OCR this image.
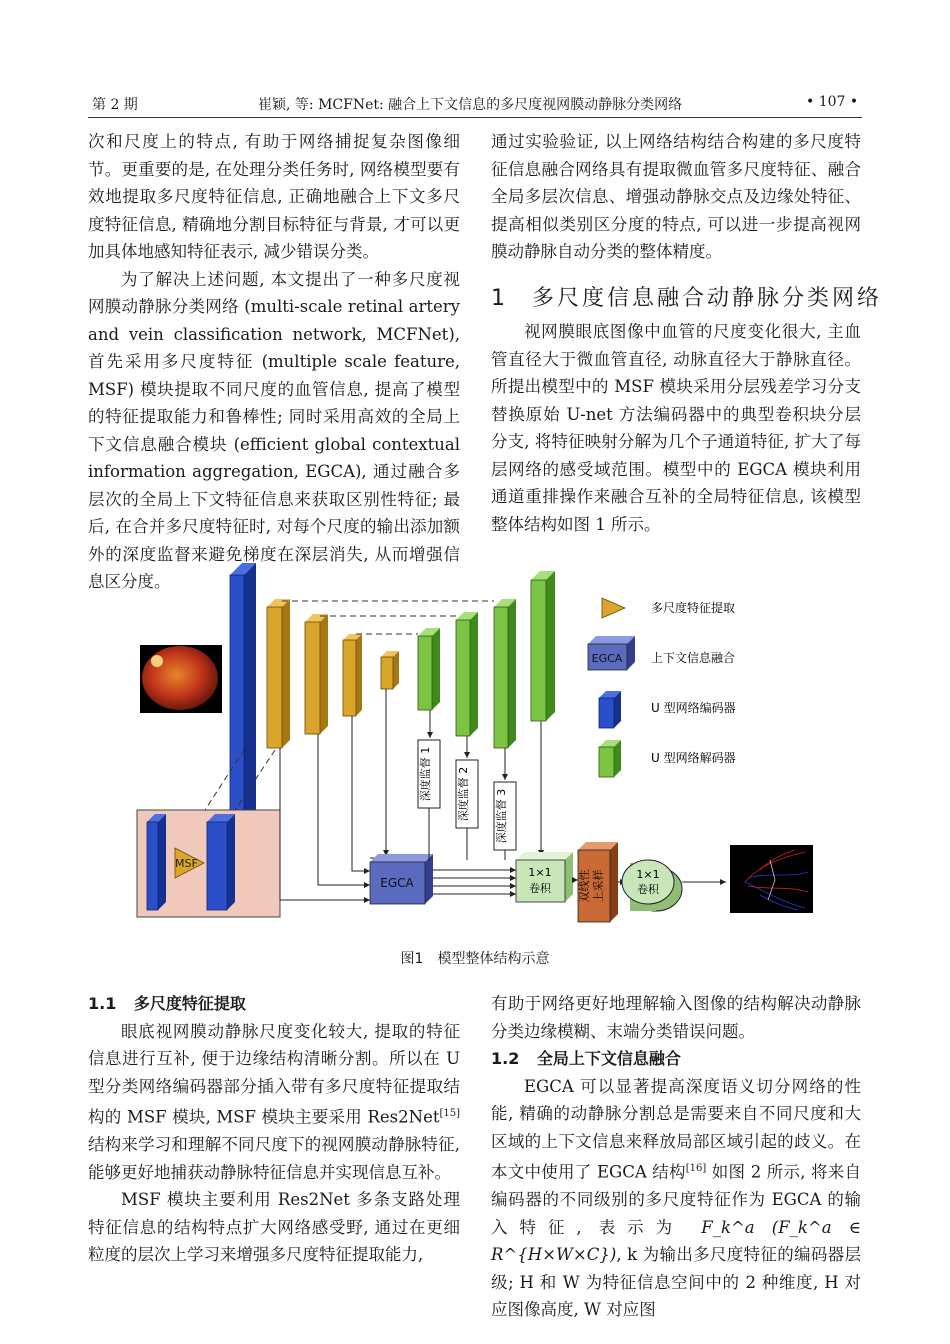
第 2 期	崔颖, 等: MCFNet: 融合上下文信息的多尺度视网膜动静脉分类网络	• 107 •

次和尺度上的特点, 有助于网络捕捉复杂图像细节。更重要的是, 在处理分类任务时, 网络模型要有效地提取多尺度特征信息, 正确地融合上下文多尺度特征信息, 精确地分割目标特征与背景, 才可以更加具体地感知特征表示, 减少错误分类。

为了解决上述问题, 本文提出了一种多尺度视网膜动静脉分类网络 (multi-scale retinal artery and vein classification network, MCFNet), 首先采用多尺度特征 (multiple scale feature, MSF) 模块提取不同尺度的血管信息, 提高了模型的特征提取能力和鲁棒性; 同时采用高效的全局上下文信息融合模块 (efficient global contextual information aggregation, EGCA), 通过融合多层次的全局上下文特征信息来获取区别性特征; 最后, 在合并多尺度特征时, 对每个尺度的输出添加额外的深度监督来避免梯度在深层消失, 从而增强信息区分度。

通过实验验证, 以上网络结构结合构建的多尺度特征信息融合网络具有提取微血管多尺度特征、融合全局多层次信息、增强动静脉交点及边缘处特征、提高相似类别区分度的特点, 可以进一步提高视网膜动静脉自动分类的整体精度。

1 多尺度信息融合动静脉分类网络

视网膜眼底图像中血管的尺度变化很大, 主血管直径大于微血管直径, 动脉直径大于静脉直径。所提出模型中的 MSF 模块采用分层残差学习分支替换原始 U-net 方法编码器中的典型卷积块分层分支, 将特征映射分解为几个子通道特征, 扩大了每层网络的感受域范围。模型中的 EGCA 模块利用通道重排操作来融合互补的全局特征信息, 该模型整体结构如图 1 所示。

MSF
EGCA
深度监督 1 深度监督 2 深度监督 3
1×1
卷积 双线性 上采样	1×1
卷积
多尺度特征提取
EGCA 上下文信息融合
U 型网络编码器
U 型网络解码器
图1　模型整体结构示意

1.1 多尺度特征提取

眼底视网膜动静脉尺度变化较大, 提取的特征信息进行互补, 便于边缘结构清晰分割。所以在 U 型分类网络编码器部分插入带有多尺度特征提取结构的 MSF 模块, MSF 模块主要采用 Res2Net[15]结构来学习和理解不同尺度下的视网膜动静脉特征, 能够更好地捕获动静脉特征信息并实现信息互补。

MSF 模块主要利用 Res2Net 多条支路处理特征信息的结构特点扩大网络感受野, 通过在更细粒度的层次上学习来增强多尺度特征提取能力,

有助于网络更好地理解输入图像的结构解决动静脉分类边缘模糊、末端分类错误问题。

1.2 全局上下文信息融合

EGCA 可以显著提高深度语义切分网络的性能, 精确的动静脉分割总是需要来自不同尺度和大区域的上下文信息来释放局部区域引起的歧义。在本文中使用了 EGCA 结构[16] 如图 2 所示, 将来自编码器的不同级别的多尺度特征作为 EGCA 的输入特征, 表示为 F_k^a (F_k^a ∈ R^{H×W×C}), k 为输出多尺度特征的编码器层级; H 和 W 为特征信息空间中的 2 种维度, H 对应图像高度, W 对应图
